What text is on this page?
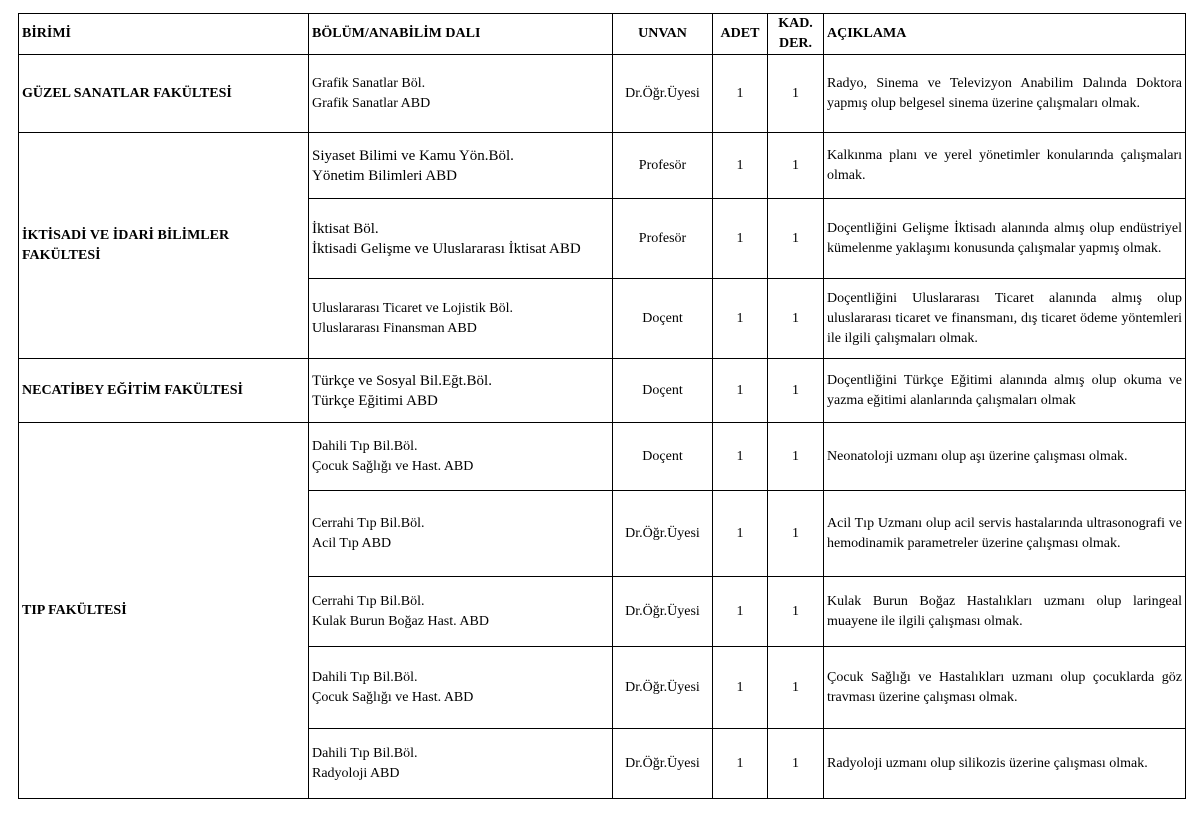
BİRİMİ	BÖLÜM/ANABİLİM DALI	UNVAN	ADET	KAD.
DER.	AÇIKLAMA
GÜZEL SANATLAR FAKÜLTESİ	Grafik Sanatlar Böl.
Grafik Sanatlar ABD	Dr.Öğr.Üyesi	1	1	Radyo, Sinema ve Televizyon Anabilim Dalında Doktora yapmış olup belgesel sinema üzerine çalışmaları olmak.
İKTİSADİ VE İDARİ BİLİMLER FAKÜLTESİ	Siyaset Bilimi ve Kamu Yön.Böl.
Yönetim Bilimleri ABD	Profesör	1	1	Kalkınma planı ve yerel yönetimler konularında çalışmaları olmak.

	İktisat Böl.
İktisadi Gelişme ve Uluslararası İktisat ABD	Profesör	1	1	Doçentliğini Gelişme İktisadı alanında almış olup endüstriyel kümelenme yaklaşımı konusunda çalışmalar yapmış olmak.

	Uluslararası Ticaret ve Lojistik Böl.
Uluslararası Finansman ABD	Doçent	1	1	Doçentliğini Uluslararası Ticaret alanında almış olup uluslararası ticaret ve finansmanı, dış ticaret ödeme yöntemleri ile ilgili çalışmaları olmak.
NECATİBEY EĞİTİM FAKÜLTESİ	Türkçe ve Sosyal Bil.Eğt.Böl.
Türkçe Eğitimi ABD	Doçent	1	1	Doçentliğini Türkçe Eğitimi alanında almış olup okuma ve yazma eğitimi alanlarında çalışmaları olmak
TIP FAKÜLTESİ	Dahili Tıp Bil.Böl.
Çocuk Sağlığı ve Hast. ABD	Doçent	1	1	Neonatoloji uzmanı olup aşı üzerine çalışması olmak.

	Cerrahi Tıp Bil.Böl.
Acil Tıp ABD	Dr.Öğr.Üyesi	1	1	Acil Tıp Uzmanı olup acil servis hastalarında ultrasonografi ve hemodinamik parametreler üzerine çalışması olmak.

	Cerrahi Tıp Bil.Böl.
Kulak Burun Boğaz Hast. ABD	Dr.Öğr.Üyesi	1	1	Kulak Burun Boğaz Hastalıkları uzmanı olup laringeal muayene ile ilgili çalışması olmak.

	Dahili Tıp Bil.Böl.
Çocuk Sağlığı ve Hast. ABD	Dr.Öğr.Üyesi	1	1	Çocuk Sağlığı ve Hastalıkları uzmanı olup çocuklarda göz travması üzerine çalışması olmak.

	Dahili Tıp Bil.Böl.
Radyoloji ABD	Dr.Öğr.Üyesi	1	1	Radyoloji uzmanı olup silikozis üzerine çalışması olmak.
